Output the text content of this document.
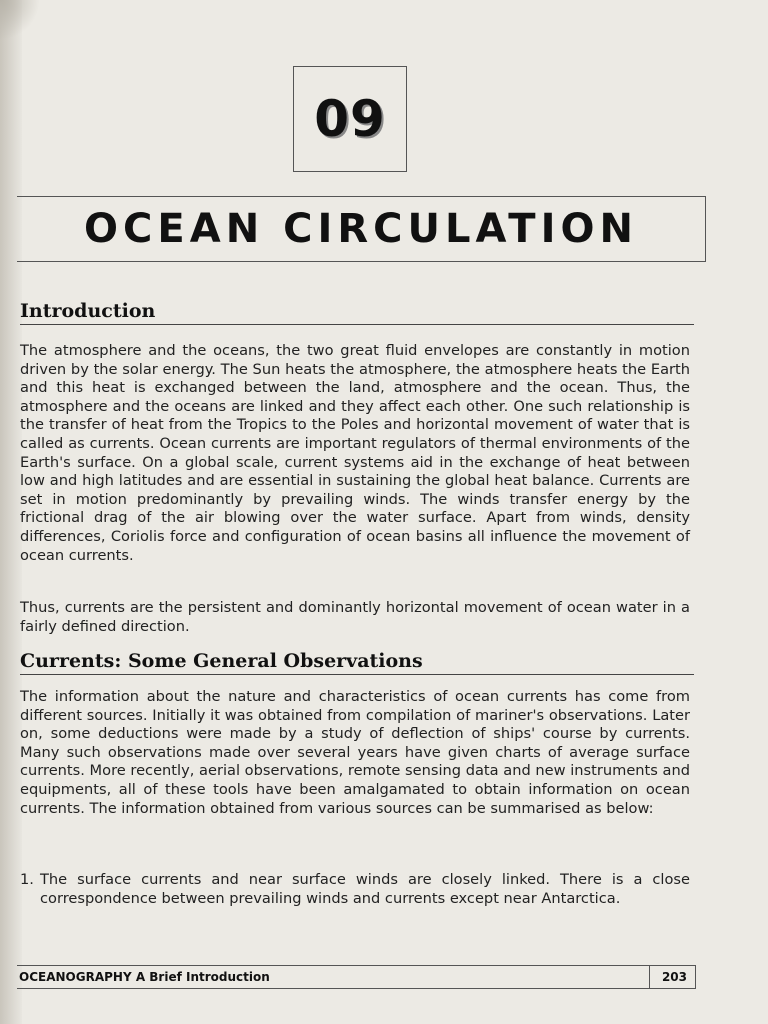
09
OCEAN CIRCULATION
Introduction

The atmosphere and the oceans, the two great fluid envelopes are constantly in motion driven by the solar energy. The Sun heats the atmosphere, the atmosphere heats the Earth and this heat is exchanged between the land, atmosphere and the ocean. Thus, the atmosphere and the oceans are linked and they affect each other. One such relationship is the transfer of heat from the Tropics to the Poles and horizontal movement of water that is called as currents. Ocean currents are important regulators of thermal environments of the Earth's surface. On a global scale, current systems aid in the exchange of heat between low and high latitudes and are essential in sustaining the global heat balance. Currents are set in motion predominantly by prevailing winds. The winds transfer energy by the frictional drag of the air blowing over the water surface. Apart from winds, density differences, Coriolis force and configuration of ocean basins all influence the movement of ocean currents.

Thus, currents are the persistent and dominantly horizontal movement of ocean water in a fairly defined direction.

Currents: Some General Observations

The information about the nature and characteristics of ocean currents has come from different sources. Initially it was obtained from compilation of mariner's observations. Later on, some deductions were made by a study of deflection of ships' course by currents. Many such observations made over several years have given charts of average surface currents. More recently, aerial observations, remote sensing data and new instruments and equipments, all of these tools have been amalgamated to obtain information on ocean currents. The information obtained from various sources can be summarised as below:

1. The surface currents and near surface winds are closely linked. There is a close correspondence between prevailing winds and currents except near Antarctica.
OCEANOGRAPHY A Brief Introduction	203
